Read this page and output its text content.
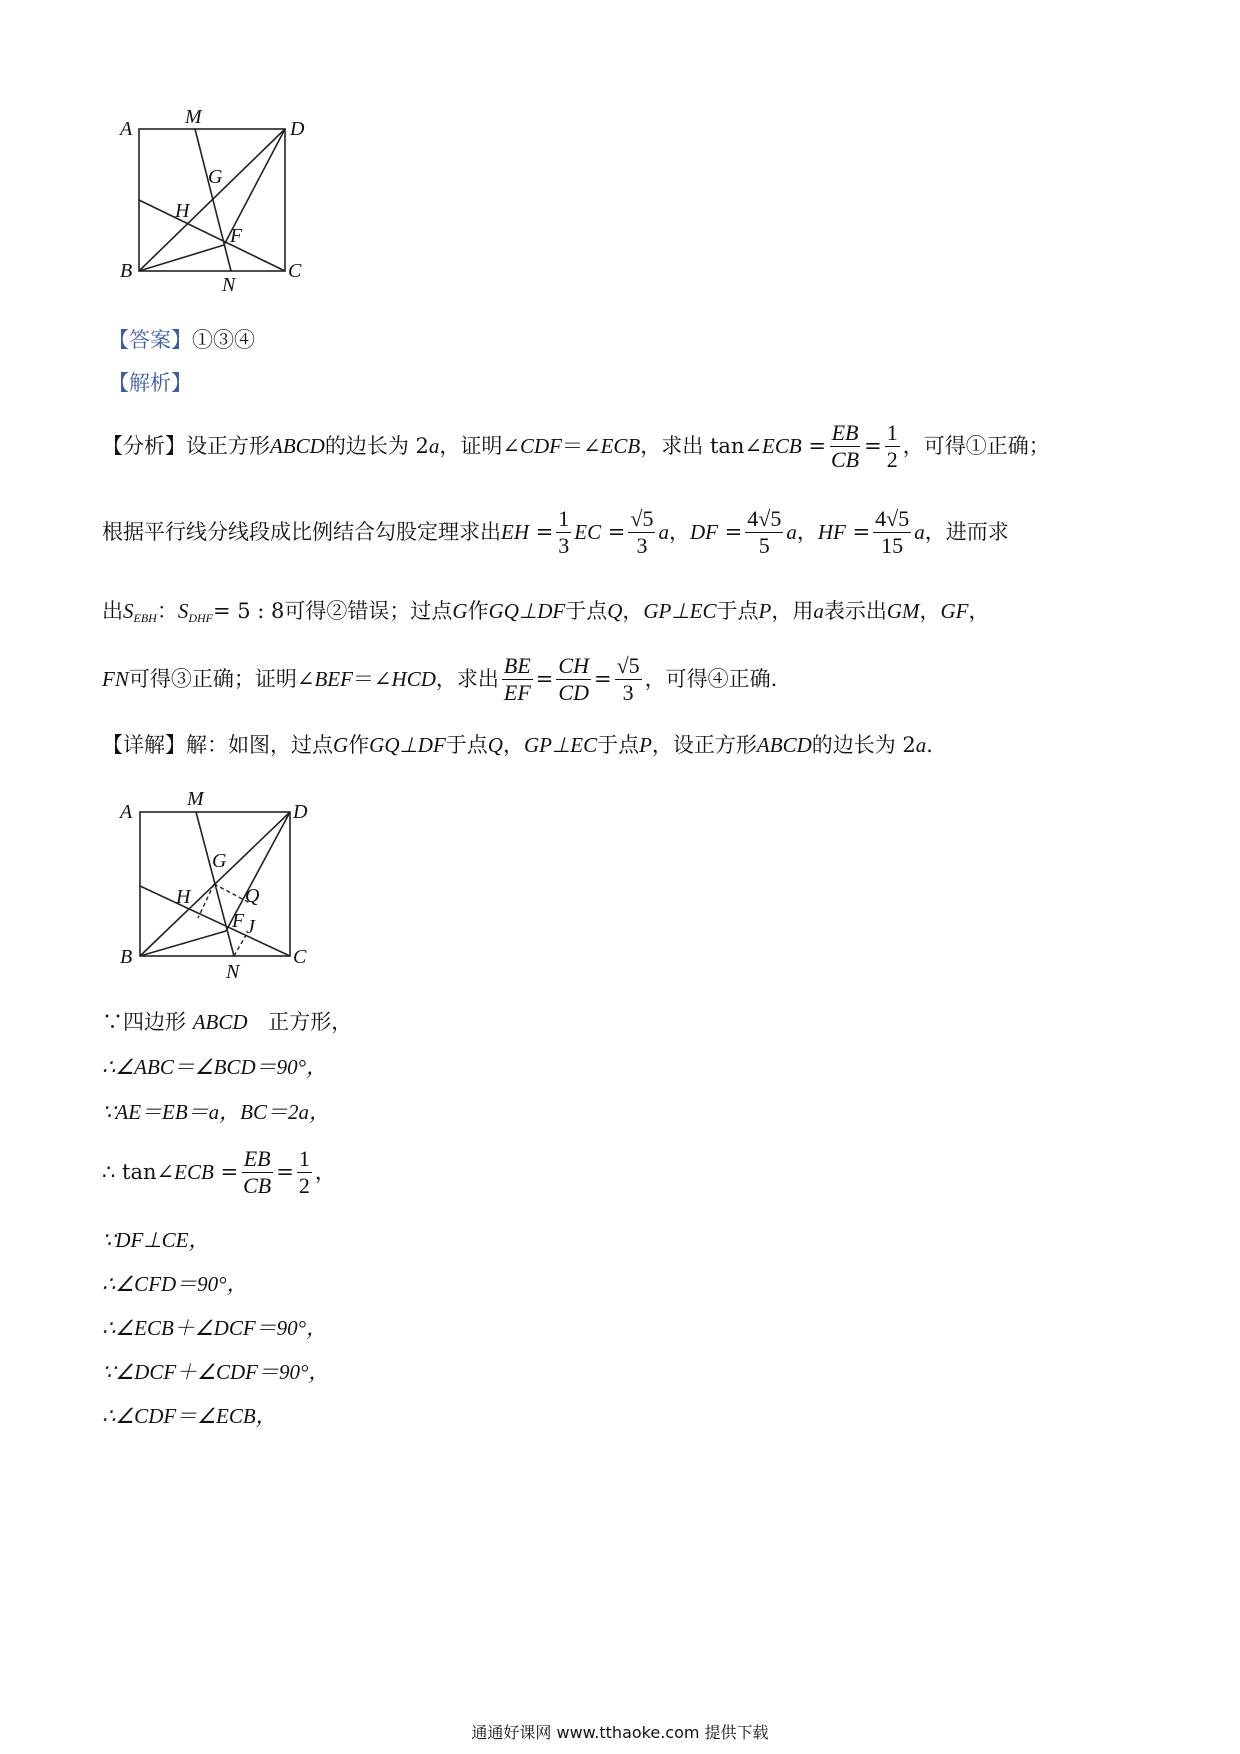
A
M
D
G
H
F
B
N
C
【答案】①③④
【解析】
【分析】 设正方形 ABCD 的边长为 2 a ，证明∠ CDF ＝∠ ECB ，求出 tan∠ ECB = $\frac{EB}{CB} = \frac{1}{2}$ ，可得①正确；
根据平行线分线段成比例结合勾股定理求出 EH = $\frac{1}{3}$ EC = $\frac{√5}{3}$ a ， DF = $\frac{4√5}{5}$ a ， HF = $\frac{4√5}{15}$ a ，进而求
出 S EBH ： S DHF = 5 : 8 可得②错误；过点 G 作 GQ⊥DF 于点 Q ， GP⊥EC 于点 P ，用 a 表示出 GM ， GF ，
FN 可得③正确；证明∠ BEF ＝∠ HCD ，求出 $\frac{BE}{EF} = \frac{CH}{CD} = \frac{√5}{3}$ ，可得④正确.
【详解】 解：如图，过点 G 作 GQ⊥DF 于点 Q ， GP⊥EC 于点 P ，设正方形 ABCD 的边长为 2 a .
A
M
D
G
H	Q
F J
B
N
C
∵四边形 ABCD 正方形，
∴∠ABC＝∠BCD＝90°，
∵AE＝EB＝a，BC＝2a，
∴ tan∠ ECB = $\frac{EB}{CB} = \frac{1}{2}$ ，
∵DF⊥CE，
∴∠CFD＝90°，
∴∠ECB＋∠DCF＝90°，
∵∠DCF＋∠CDF＝90°，
∴∠CDF＝∠ECB，
通通好课网 www.tthaoke.com 提供下载
